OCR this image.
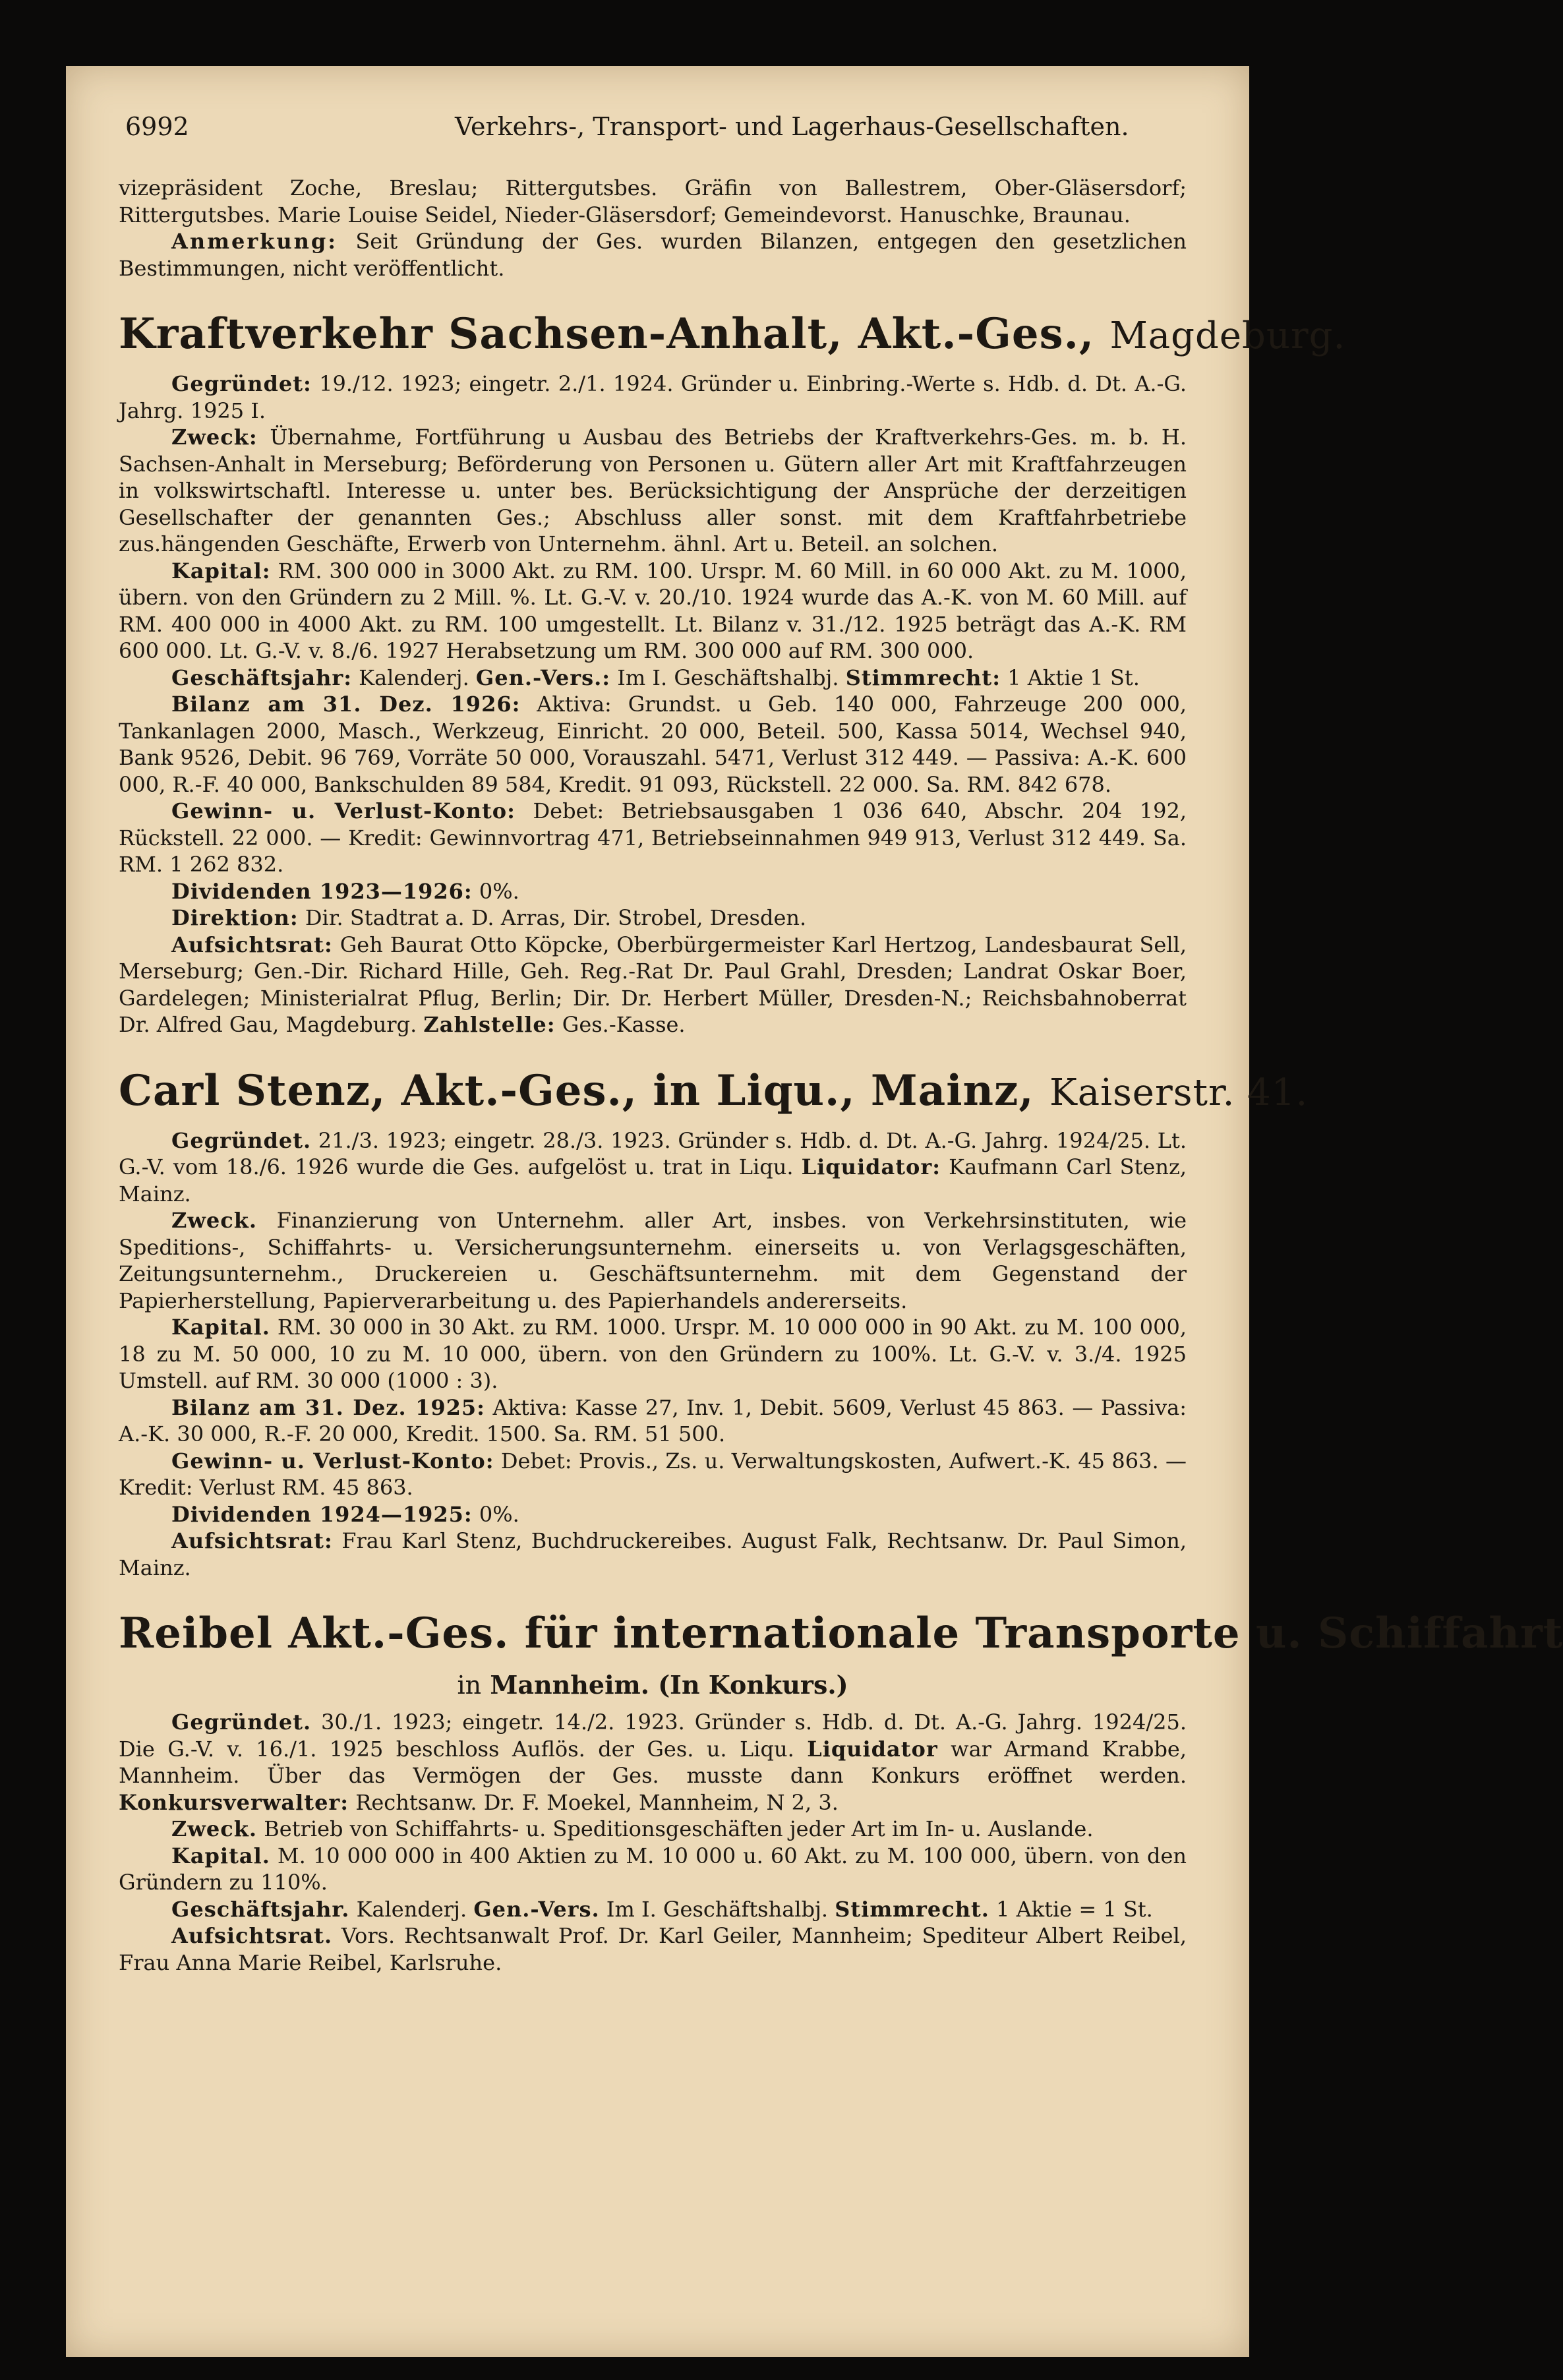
6992	Verkehrs-, Transport- und Lagerhaus-Gesellschaften.

vizepräsident Zoche, Breslau; Rittergutsbes. Gräfin von Ballestrem, Ober-Gläsersdorf; Rittergutsbes. Marie Louise Seidel, Nieder-Gläsersdorf; Gemeindevorst. Hanuschke, Braunau.

Anmerkung: Seit Gründung der Ges. wurden Bilanzen, entgegen den gesetzlichen Bestimmungen, nicht veröffentlicht.

Kraftverkehr Sachsen-Anhalt, Akt.-Ges., Magdeburg.

Gegründet: 19./12. 1923; eingetr. 2./1. 1924. Gründer u. Einbring.-Werte s. Hdb. d. Dt. A.-G. Jahrg. 1925 I.

Zweck: Übernahme, Fortführung u Ausbau des Betriebs der Kraftverkehrs-Ges. m. b. H. Sachsen-Anhalt in Merseburg; Beförderung von Personen u. Gütern aller Art mit Kraftfahrzeugen in volkswirtschaftl. Interesse u. unter bes. Berücksichtigung der Ansprüche der derzeitigen Gesellschafter der genannten Ges.; Abschluss aller sonst. mit dem Kraftfahrbetriebe zus.hängenden Geschäfte, Erwerb von Unternehm. ähnl. Art u. Beteil. an solchen.

Kapital: RM. 300 000 in 3000 Akt. zu RM. 100. Urspr. M. 60 Mill. in 60 000 Akt. zu M. 1000, übern. von den Gründern zu 2 Mill. %. Lt. G.-V. v. 20./10. 1924 wurde das A.-K. von M. 60 Mill. auf RM. 400 000 in 4000 Akt. zu RM. 100 umgestellt. Lt. Bilanz v. 31./12. 1925 beträgt das A.-K. RM 600 000. Lt. G.-V. v. 8./6. 1927 Herabsetzung um RM. 300 000 auf RM. 300 000.

Geschäftsjahr: Kalenderj. Gen.-Vers.: Im I. Geschäftshalbj. Stimmrecht: 1 Aktie 1 St.

Bilanz am 31. Dez. 1926: Aktiva: Grundst. u Geb. 140 000, Fahrzeuge 200 000, Tankanlagen 2000, Masch., Werkzeug, Einricht. 20 000, Beteil. 500, Kassa 5014, Wechsel 940, Bank 9526, Debit. 96 769, Vorräte 50 000, Vorauszahl. 5471, Verlust 312 449. — Passiva: A.-K. 600 000, R.-F. 40 000, Bankschulden 89 584, Kredit. 91 093, Rückstell. 22 000. Sa. RM. 842 678.

Gewinn- u. Verlust-Konto: Debet: Betriebsausgaben 1 036 640, Abschr. 204 192, Rückstell. 22 000. — Kredit: Gewinnvortrag 471, Betriebseinnahmen 949 913, Verlust 312 449. Sa. RM. 1 262 832.

Dividenden 1923—1926: 0%.

Direktion: Dir. Stadtrat a. D. Arras, Dir. Strobel, Dresden.

Aufsichtsrat: Geh Baurat Otto Köpcke, Oberbürgermeister Karl Hertzog, Landesbaurat Sell, Merseburg; Gen.-Dir. Richard Hille, Geh. Reg.-Rat Dr. Paul Grahl, Dresden; Landrat Oskar Boer, Gardelegen; Ministerialrat Pflug, Berlin; Dir. Dr. Herbert Müller, Dresden-N.; Reichsbahnoberrat Dr. Alfred Gau, Magdeburg. Zahlstelle: Ges.-Kasse.

Carl Stenz, Akt.-Ges., in Liqu., Mainz, Kaiserstr. 41.

Gegründet. 21./3. 1923; eingetr. 28./3. 1923. Gründer s. Hdb. d. Dt. A.-G. Jahrg. 1924/25. Lt. G.-V. vom 18./6. 1926 wurde die Ges. aufgelöst u. trat in Liqu. Liquidator: Kaufmann Carl Stenz, Mainz.

Zweck. Finanzierung von Unternehm. aller Art, insbes. von Verkehrsinstituten, wie Speditions-, Schiffahrts- u. Versicherungsunternehm. einerseits u. von Verlagsgeschäften, Zeitungsunternehm., Druckereien u. Geschäftsunternehm. mit dem Gegenstand der Papierherstellung, Papierverarbeitung u. des Papierhandels andererseits.

Kapital. RM. 30 000 in 30 Akt. zu RM. 1000. Urspr. M. 10 000 000 in 90 Akt. zu M. 100 000, 18 zu M. 50 000, 10 zu M. 10 000, übern. von den Gründern zu 100%. Lt. G.-V. v. 3./4. 1925 Umstell. auf RM. 30 000 (1000 : 3).

Bilanz am 31. Dez. 1925: Aktiva: Kasse 27, Inv. 1, Debit. 5609, Verlust 45 863. — Passiva: A.-K. 30 000, R.-F. 20 000, Kredit. 1500. Sa. RM. 51 500.

Gewinn- u. Verlust-Konto: Debet: Provis., Zs. u. Verwaltungskosten, Aufwert.-K. 45 863. — Kredit: Verlust RM. 45 863.

Dividenden 1924—1925: 0%.

Aufsichtsrat: Frau Karl Stenz, Buchdruckereibes. August Falk, Rechtsanw. Dr. Paul Simon, Mainz.

Reibel Akt.-Ges. für internationale Transporte u. Schiffahrt
in Mannheim. (In Konkurs.)

Gegründet. 30./1. 1923; eingetr. 14./2. 1923. Gründer s. Hdb. d. Dt. A.-G. Jahrg. 1924/25. Die G.-V. v. 16./1. 1925 beschloss Auflös. der Ges. u. Liqu. Liquidator war Armand Krabbe, Mannheim. Über das Vermögen der Ges. musste dann Konkurs eröffnet werden. Konkursverwalter: Rechtsanw. Dr. F. Moekel, Mannheim, N 2, 3.

Zweck. Betrieb von Schiffahrts- u. Speditionsgeschäften jeder Art im In- u. Auslande.

Kapital. M. 10 000 000 in 400 Aktien zu M. 10 000 u. 60 Akt. zu M. 100 000, übern. von den Gründern zu 110%.

Geschäftsjahr. Kalenderj. Gen.-Vers. Im I. Geschäftshalbj. Stimmrecht. 1 Aktie = 1 St.

Aufsichtsrat. Vors. Rechtsanwalt Prof. Dr. Karl Geiler, Mannheim; Spediteur Albert Reibel, Frau Anna Marie Reibel, Karlsruhe.
